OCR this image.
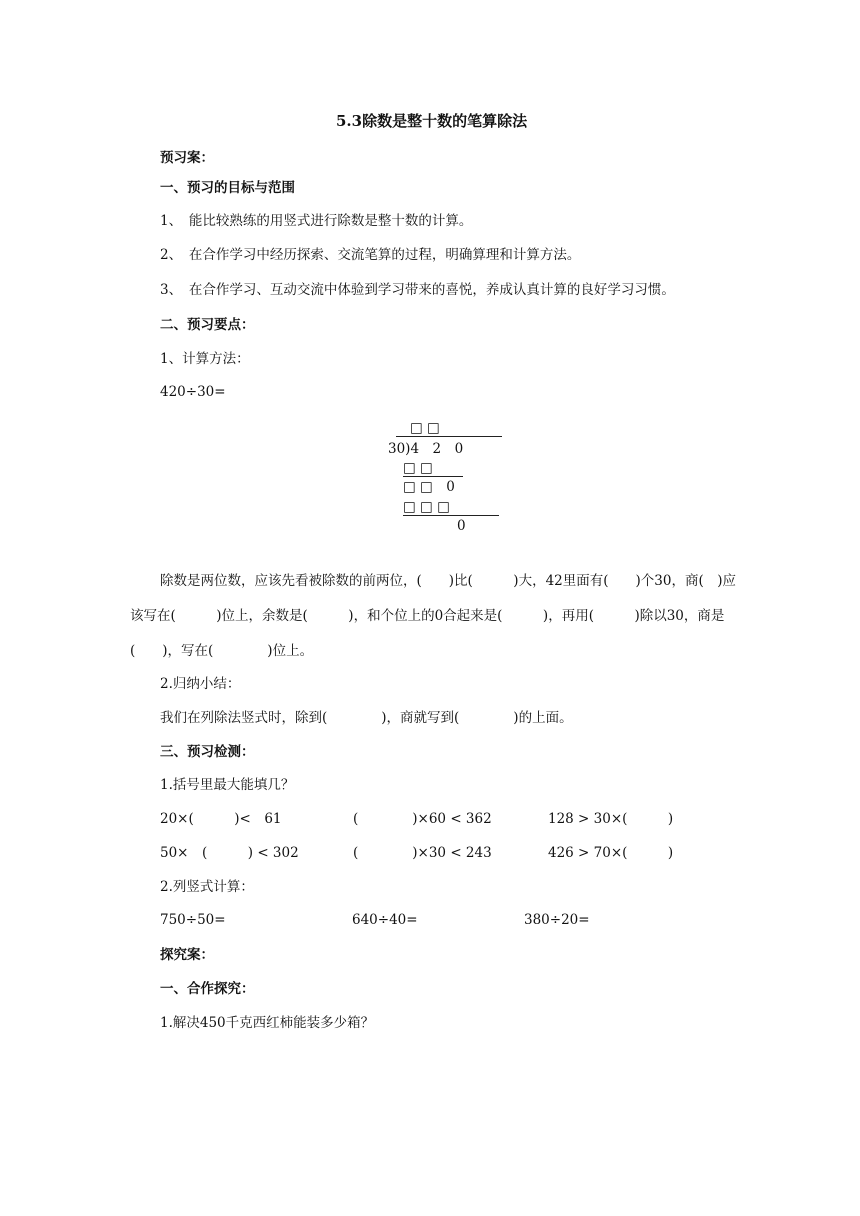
5.3除数是整十数的笔算除法
预习案：
一、预习的目标与范围
1、　能比较熟练的用竖式进行除数是整十数的计算。
2、　在合作学习中经历探索、交流笔算的过程，明确算理和计算方法。
3、　在合作学习、互动交流中体验到学习带来的喜悦，养成认真计算的良好学习习惯。
二、预习要点：
1、计算方法：
420÷30=
□ □
30)4　2　0
□ □
□ □　0
□ □ □
0
除数是两位数，应该先看被除数的前两位，(　　)比(　　　)大，42里面有(　　)个30，商(　)应该写在(　　　)位上，余数是(　　　)，和个位上的0合起来是(　　　)，再用(　　　)除以30，商是(　　)，写在(　　　　)位上。
2.归纳小结：
我们在列除法竖式时，除到(　　　　)，商就写到(　　　　)的上面。
三、预习检测：
1.括号里最大能填几？
20×(　　　)<　61	(　　　　)×60 < 362	128 > 30×(　　　)
50×　(　　　) < 302	(　　　　)×30 < 243	426 > 70×(　　　)
2.列竖式计算：
750÷50=	640÷40=	380÷20=
探究案：
一、合作探究：
1.解决450千克西红柿能装多少箱？
